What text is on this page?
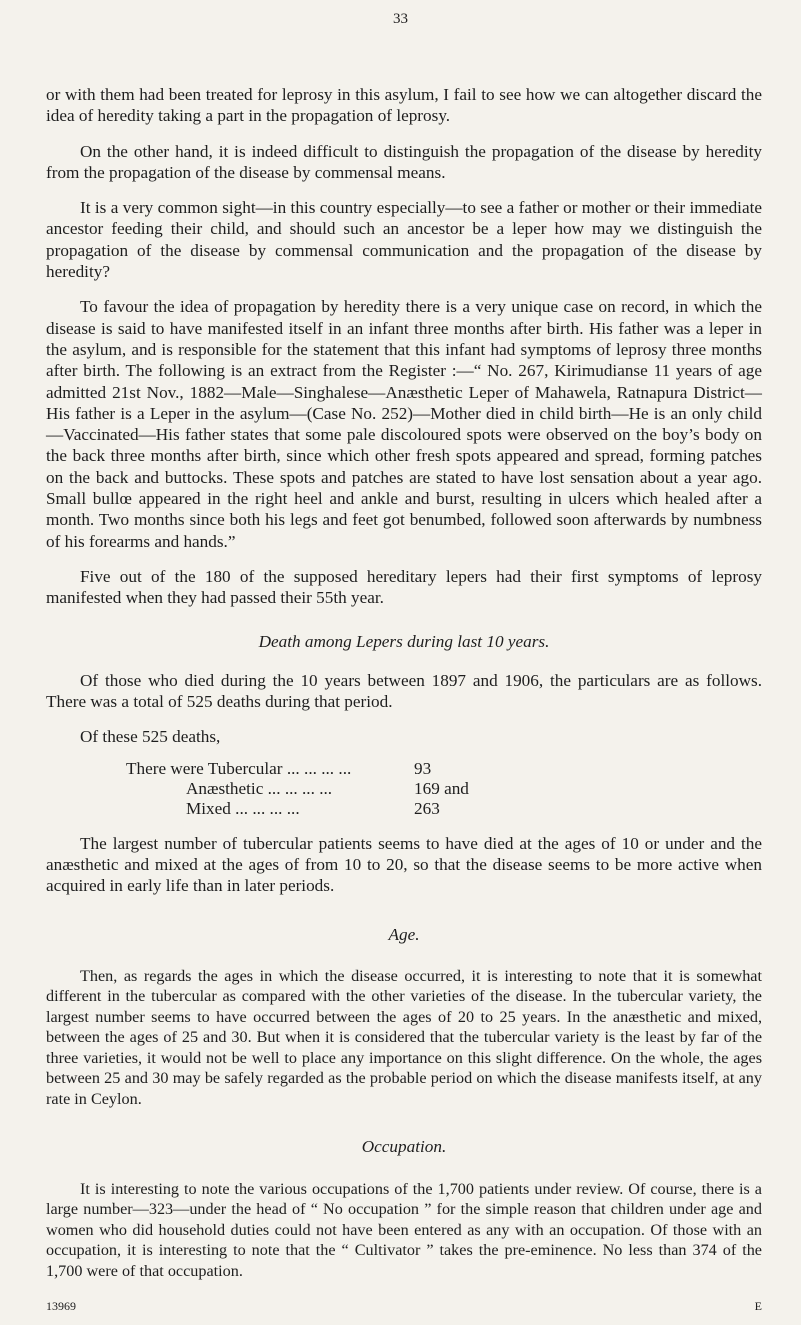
33

or with them had been treated for leprosy in this asylum, I fail to see how we can altogether discard the idea of heredity taking a part in the propagation of leprosy.

On the other hand, it is indeed difficult to distinguish the propagation of the disease by heredity from the propagation of the disease by commensal means.

It is a very common sight—in this country especially—to see a father or mother or their immediate ancestor feeding their child, and should such an ancestor be a leper how may we distinguish the propagation of the disease by commensal communication and the propagation of the disease by heredity?

To favour the idea of propagation by heredity there is a very unique case on record, in which the disease is said to have manifested itself in an infant three months after birth. His father was a leper in the asylum, and is responsible for the statement that this infant had symptoms of leprosy three months after birth. The following is an extract from the Register :—“ No. 267, Kirimudianse 11 years of age admitted 21st Nov., 1882—Male—Singhalese—Anæsthetic Leper of Mahawela, Ratnapura District—His father is a Leper in the asylum—(Case No. 252)—Mother died in child birth—He is an only child—Vaccinated—His father states that some pale discoloured spots were observed on the boy’s body on the back three months after birth, since which other fresh spots appeared and spread, forming patches on the back and buttocks. These spots and patches are stated to have lost sensation about a year ago. Small bullœ appeared in the right heel and ankle and burst, resulting in ulcers which healed after a month. Two months since both his legs and feet got benumbed, followed soon afterwards by numbness of his forearms and hands.”

Five out of the 180 of the supposed hereditary lepers had their first symptoms of leprosy manifested when they had passed their 55th year.

Death among Lepers during last 10 years.

Of those who died during the 10 years between 1897 and 1906, the particulars are as follows. There was a total of 525 deaths during that period.

Of these 525 deaths,
There were Tubercular ... ... ... ...	93
Anæsthetic ... ... ... ...	169 and
Mixed ... ... ... ...	263

The largest number of tubercular patients seems to have died at the ages of 10 or under and the anæsthetic and mixed at the ages of from 10 to 20, so that the disease seems to be more active when acquired in early life than in later periods.

Age.

Then, as regards the ages in which the disease occurred, it is interesting to note that it is somewhat different in the tubercular as compared with the other varieties of the disease. In the tubercular variety, the largest number seems to have occurred between the ages of 20 to 25 years. In the anæsthetic and mixed, between the ages of 25 and 30. But when it is considered that the tubercular variety is the least by far of the three varieties, it would not be well to place any importance on this slight difference. On the whole, the ages between 25 and 30 may be safely regarded as the probable period on which the disease manifests itself, at any rate in Ceylon.

Occupation.

It is interesting to note the various occupations of the 1,700 patients under review. Of course, there is a large number—323—under the head of “ No occupation ” for the simple reason that children under age and women who did household duties could not have been entered as any with an occupation. Of those with an occupation, it is interesting to note that the “ Cultivator ” takes the pre-eminence. No less than 374 of the 1,700 were of that occupation.

13969	E
